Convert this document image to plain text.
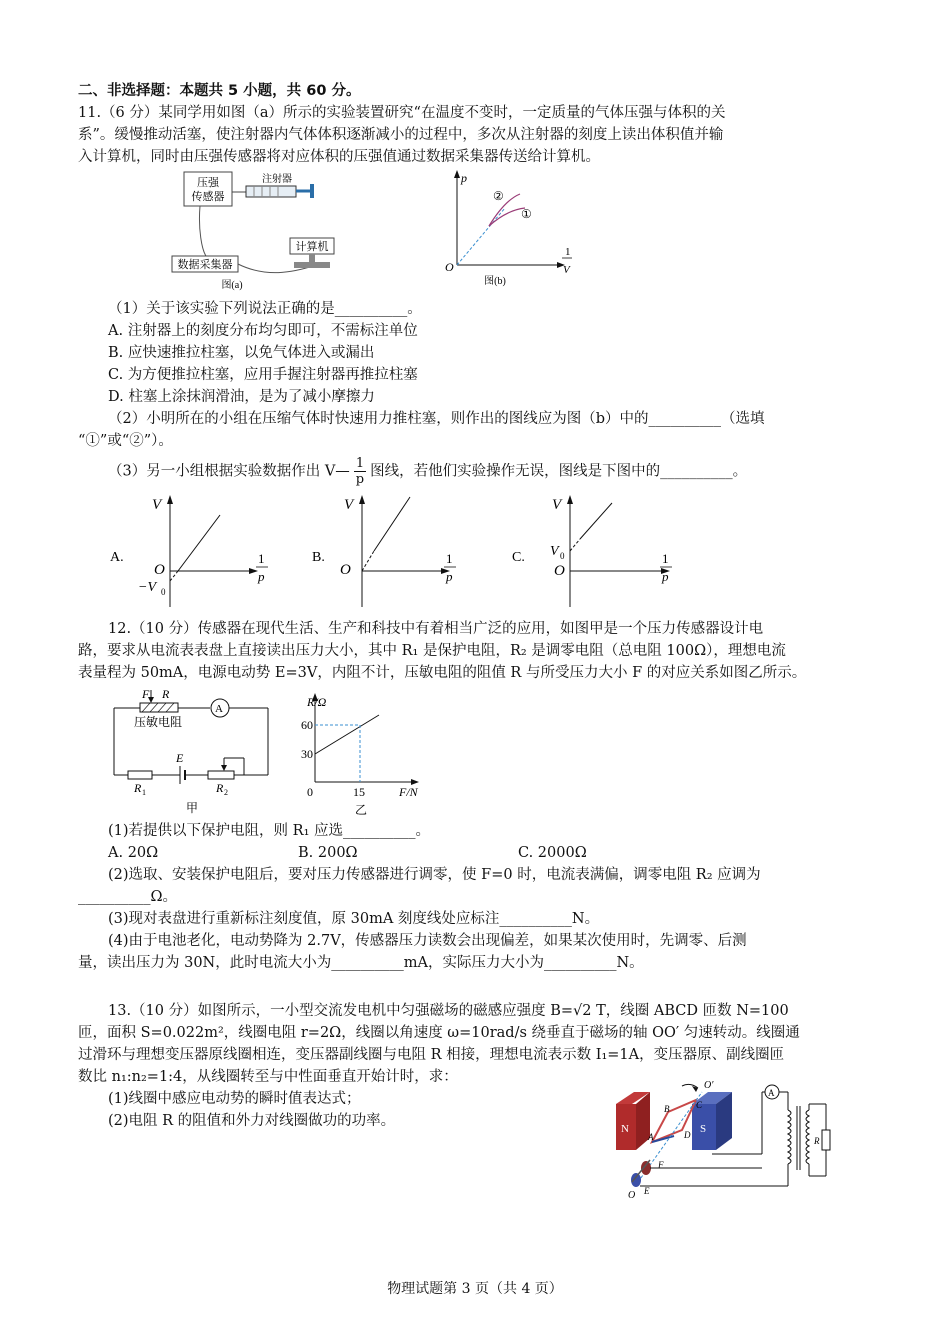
二、非选择题：本题共 5 小题，共 60 分。
11.（6 分）某同学用如图（a）所示的实验装置研究“在温度不变时，一定质量的气体压强与体积的关
系”。缓慢推动活塞，使注射器内气体体积逐渐减小的过程中，多次从注射器的刻度上读出体积值并输
入计算机，同时由压强传感器将对应体积的压强值通过数据采集器传送给计算机。
压强
传感器
注射器
数据采集器
计算机
图(a)
p
O
1
V
②
①
图(b)
（1）关于该实验下列说法正确的是__________。
A. 注射器上的刻度分布均匀即可，不需标注单位
B. 应快速推拉柱塞，以免气体进入或漏出
C. 为方便推拉柱塞，应用手握注射器再推拉柱塞
D. 柱塞上涂抹润滑油，是为了减小摩擦力
（2）小明所在的小组在压缩气体时快速用力推柱塞，则作出的图线应为图（b）中的__________（选填
“①”或“②”）。
（3）另一小组根据实验数据作出 V— $\frac{1}{p}$ 图线，若他们实验操作无误，图线是下图中的__________。
A.
V
O
−V 0
1
p
B.
V
O
1
p
C.
V
V 0
O
1
p
12.（10 分）传感器在现代生活、生产和科技中有着相当广泛的应用，如图甲是一个压力传感器设计电
路，要求从电流表表盘上直接读出压力大小，其中 R₁ 是保护电阻，R₂ 是调零电阻（总电阻 100Ω），理想电流
表量程为 50mA，电源电动势 E=3V，内阻不计，压敏电阻的阻值 R 与所受压力大小 F 的对应关系如图乙所示。
F R
A
压敏电阻
E
R 1	R 2
甲
R/Ω
F/N
60
30
0	15
乙
(1)若提供以下保护电阻，则 R₁ 应选__________。
A. 20Ω	B. 200Ω	C. 2000Ω
(2)选取、安装保护电阻后，要对压力传感器进行调零，使 F=0 时，电流表满偏，调零电阻 R₂ 应调为
__________Ω。
(3)现对表盘进行重新标注刻度值，原 30mA 刻度线处应标注__________N。
(4)由于电池老化，电动势降为 2.7V，传感器压力读数会出现偏差，如果某次使用时，先调零、后测
量，读出压力为 30N，此时电流大小为__________mA，实际压力大小为__________N。
13.（10 分）如图所示，一小型交流发电机中匀强磁场的磁感应强度 B=√2 T，线圈 ABCD 匝数 N=100
匝，面积 S=0.022m²，线圈电阻 r=2Ω，线圈以角速度 ω=10rad/s 绕垂直于磁场的轴 OO′ 匀速转动。线圈通
过滑环与理想变压器原线圈相连，变压器副线圈与电阻 R 相接，理想电流表示数 I₁=1A，变压器原、副线圈匝
数比 n₁:n₂=1:4，从线圈转至与中性面垂直开始计时，求：
(1)线圈中感应电动势的瞬时值表达式；
(2)电阻 R 的阻值和外力对线圈做功的功率。	N	S
B	C
A	D
F
E
O
O′
A
R
物理试题第 3 页（共 4 页）
